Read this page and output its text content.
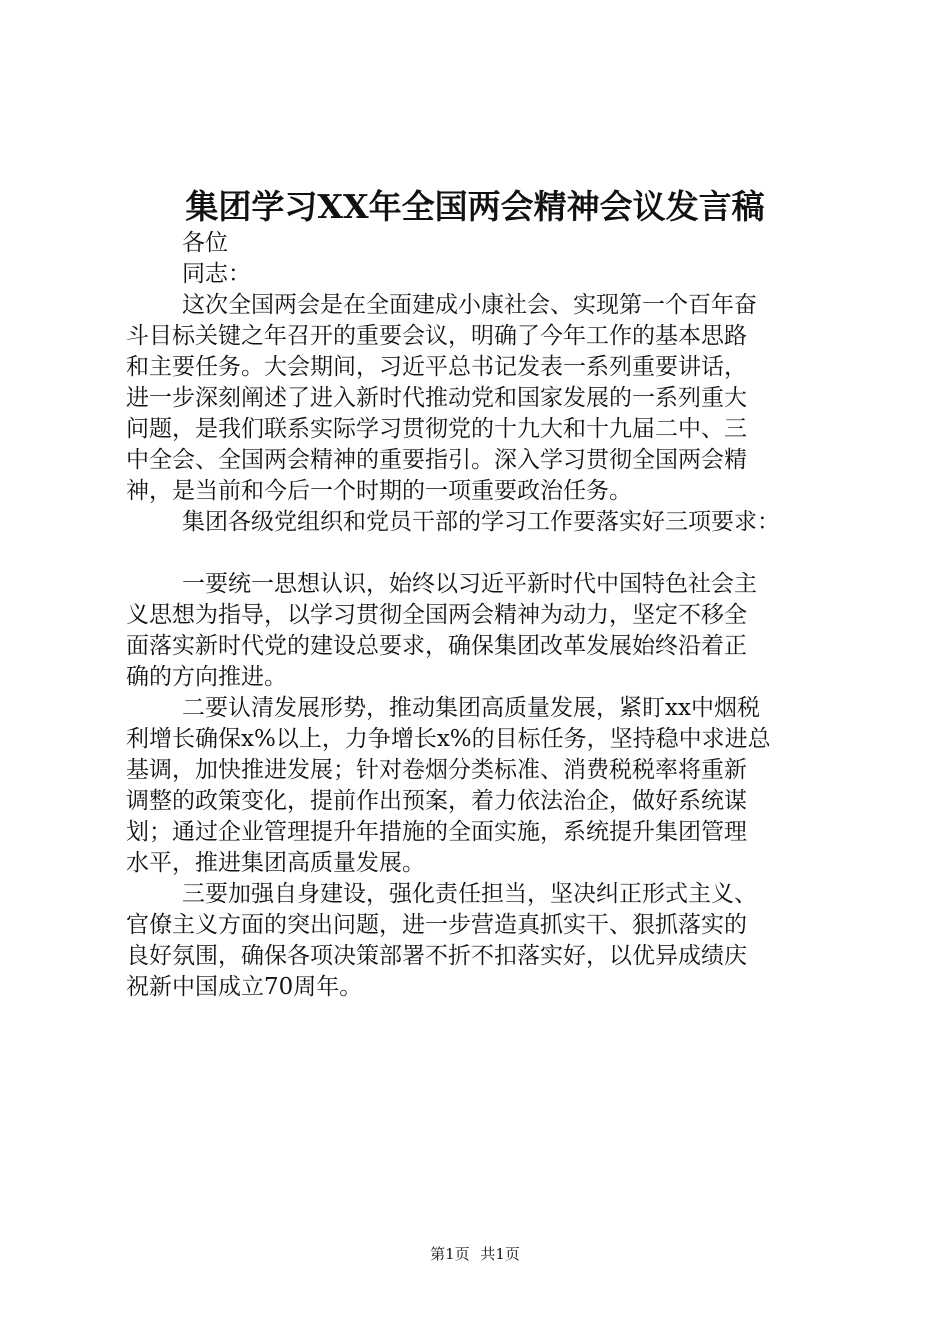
集团学习XX年全国两会精神会议发言稿
各位
同志：
这次全国两会是在全面建成小康社会、实现第一个百年奋
斗目标关键之年召开的重要会议，明确了今年工作的基本思路
和主要任务。大会期间，习近平总书记发表一系列重要讲话，
进一步深刻阐述了进入新时代推动党和国家发展的一系列重大
问题，是我们联系实际学习贯彻党的十九大和十九届二中、三
中全会、全国两会精神的重要指引。深入学习贯彻全国两会精
神，是当前和今后一个时期的一项重要政治任务。
集团各级党组织和党员干部的学习工作要落实好三项要求：
一要统一思想认识，始终以习近平新时代中国特色社会主
义思想为指导，以学习贯彻全国两会精神为动力，坚定不移全
面落实新时代党的建设总要求，确保集团改革发展始终沿着正
确的方向推进。
二要认清发展形势，推动集团高质量发展，紧盯xx中烟税
利增长确保x%以上，力争增长x%的目标任务，坚持稳中求进总
基调，加快推进发展；针对卷烟分类标准、消费税税率将重新
调整的政策变化，提前作出预案，着力依法治企，做好系统谋
划；通过企业管理提升年措施的全面实施，系统提升集团管理
水平，推进集团高质量发展。
三要加强自身建设，强化责任担当，坚决纠正形式主义、
官僚主义方面的突出问题，进一步营造真抓实干、狠抓落实的
良好氛围，确保各项决策部署不折不扣落实好，以优异成绩庆
祝新中国成立70周年。
第1页 共1页
